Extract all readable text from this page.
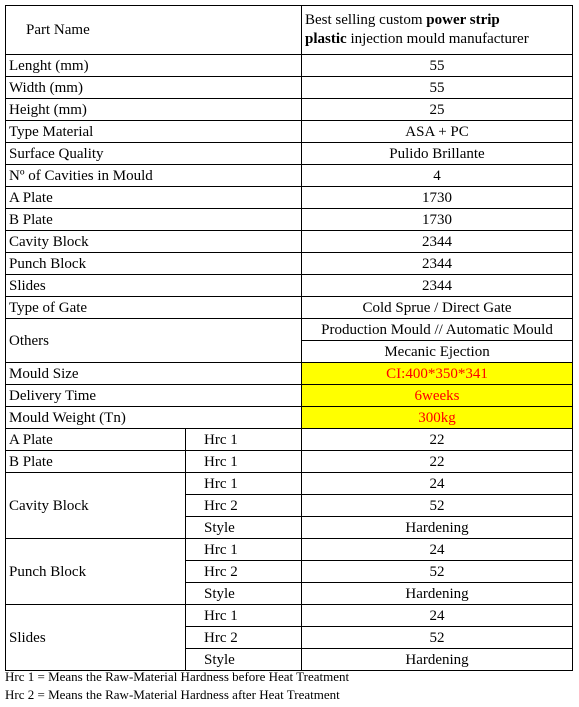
Part Name		Best selling custom power strip
plastic injection mould manufacturer
Lenght (mm)		55
Width (mm)		55
Height (mm)		25
Type Material		ASA + PC
Surface Quality		Pulido Brillante
Nº of Cavities in Mould		4
A Plate		1730
B Plate		1730
Cavity Block		2344
Punch Block		2344
Slides		2344
Type of Gate		Cold Sprue / Direct Gate
Others		Production Mould // Automatic Mould
		Mecanic Ejection
Mould Size		CI:400*350*341
Delivery Time		6weeks
Mould Weight (Tn)		300kg
A Plate	Hrc 1	22
B Plate	Hrc 1	22
Cavity Block	Hrc 1	24
	Hrc 2	52
	Style	Hardening
Punch Block	Hrc 1	24
	Hrc 2	52
	Style	Hardening
Slides	Hrc 1	24
	Hrc 2	52
	Style	Hardening
Hrc 1 = Means the Raw-Material Hardness before Heat Treatment
Hrc 2 = Means the Raw-Material Hardness after Heat Treatment
